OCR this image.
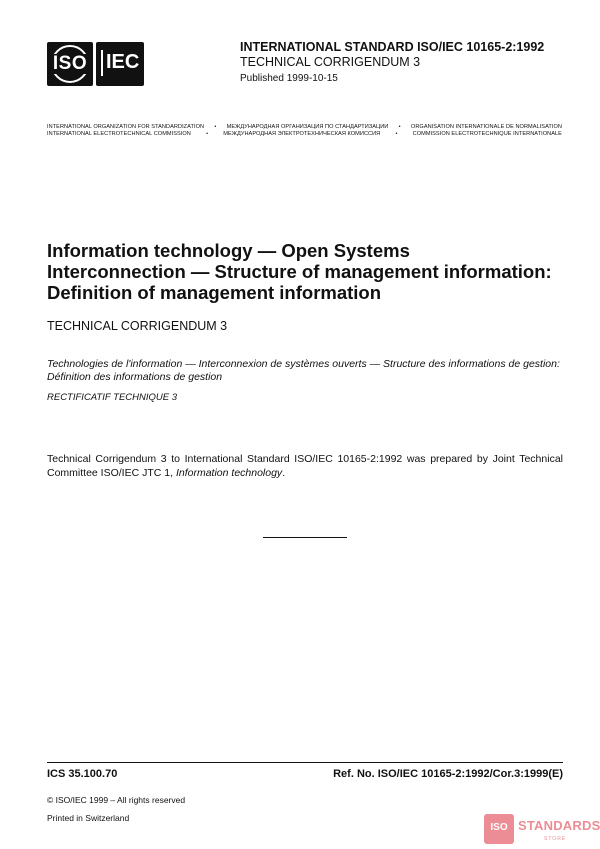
ISO IEC
INTERNATIONAL STANDARD ISO/IEC 10165-2:1992
TECHNICAL CORRIGENDUM 3
Published 1999-10-15
INTERNATIONAL ORGANIZATION FOR STANDARDIZATION • МЕЖДУНАРОДНАЯ ОРГАНИЗАЦИЯ ПО СТАНДАРТИЗАЦИИ • ORGANISATION INTERNATIONALE DE NORMALISATION
INTERNATIONAL ELECTROTECHNICAL COMMISSION	•	МЕЖДУНАРОДНАЯ ЭЛЕКТРОТЕХНИЧЕСКАЯ КОМИССИЯ	•	COMMISSION ELECTROTECHNIQUE INTERNATIONALE
Information technology — Open Systems
Interconnection — Structure of management information:
Definition of management information
TECHNICAL CORRIGENDUM 3
Technologies de l'information — Interconnexion de systèmes ouverts — Structure des informations de gestion:
Définition des informations de gestion
RECTIFICATIF TECHNIQUE 3
Technical Corrigendum 3 to International Standard ISO/IEC 10165-2:1992 was prepared by Joint Technical Committee ISO/IEC JTC 1, Information technology.
ICS 35.100.70	Ref. No. ISO/IEC 10165-2:1992/Cor.3:1999(E)
© ISO/IEC 1999 – All rights reserved
Printed in Switzerland
ISO STANDARDS
STORE
